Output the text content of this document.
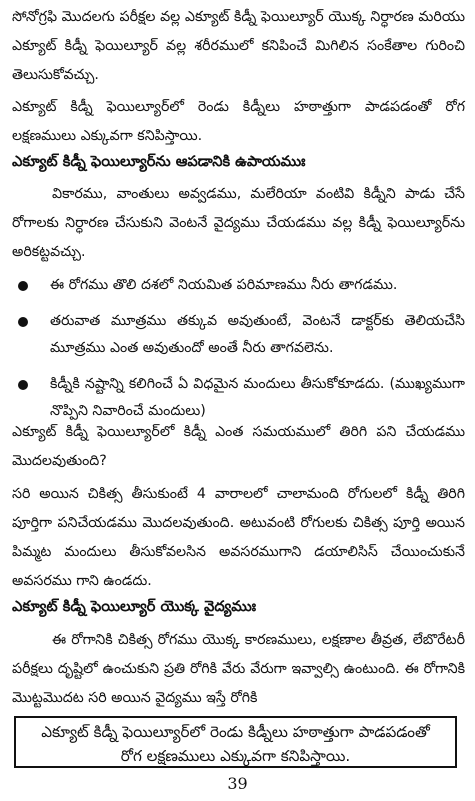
సోనోగ్రఫి మొదలగు పరీక్షల వల్ల ఎక్యూట్ కిడ్నీ ఫెయిల్యూర్ యొక్క నిర్ధారణ మరియు ఎక్యూట్ కిడ్నీ ఫెయిల్యూర్ వల్ల శరీరములో కనిపించే మిగిలిన సంకేతాల గురించి తెలుసుకోవచ్చు.

ఎక్యూట్ కిడ్నీ ఫెయిల్యూర్‌లో రెండు కిడ్నీలు హఠాత్తుగా పాడపడంతో రోగ లక్షణములు ఎక్కువగా కనిపిస్తాయి.

ఎక్యూట్ కిడ్నీ ఫెయిల్యూర్‌ను ఆపడానికి ఉపాయముః

వికారము, వాంతులు అవ్వడము, మలేరియా వంటివి కిడ్నీని పాడు చేసే రోగాలకు నిర్ధారణ చేసుకుని వెంటనే వైద్యము చేయడము వల్ల కిడ్నీ ఫెయిల్యూర్‌ను అరికట్టవచ్చు.

ఈ రోగము తొలి దశలో నియమిత పరిమాణము నీరు తాగడము.
తరువాత మూత్రము తక్కువ అవుతుంటే, వెంటనే డాక్టర్‌కు తెలియచేసి మూత్రము ఎంత అవుతుందో అంతే నీరు తాగవలెను.
కిడ్నీకి నష్టాన్ని కలిగించే ఏ విధమైన మందులు తీసుకోకూడదు. (ముఖ్యముగా నొప్పిని నివారించే మందులు)

ఎక్యూట్ కిడ్నీ ఫెయిల్యూర్‌లో కిడ్నీ ఎంత సమయములో తిరిగి పని చేయడము మొదలవుతుంది?

సరి అయిన చికిత్స తీసుకుంటే 4 వారాలలో చాలామంది రోగులలో కిడ్నీ తిరిగి పూర్తిగా పనిచేయడము మొదలవుతుంది. అటువంటి రోగులకు చికిత్స పూర్తి అయిన పిమ్మట మందులు తీసుకోవలసిన అవసరముగాని డయాలిసిస్ చేయించుకునే అవసరము గాని ఉండదు.

ఎక్యూట్ కిడ్నీ ఫెయిల్యూర్ యొక్క వైద్యముః

ఈ రోగానికి చికిత్స రోగము యొక్క కారణములు, లక్షణాల తీవ్రత, లేబొరేటరీ పరీక్షలు దృష్టిలో ఉంచుకుని ప్రతి రోగికి వేరు వేరుగా ఇవ్వాల్సి ఉంటుంది. ఈ రోగానికి మొట్టమొదట సరి అయిన వైద్యము ఇస్తే రోగికి

ఎక్యూట్ కిడ్నీ ఫెయిల్యూర్‌లో రెండు కిడ్నీలు హఠాత్తుగా పాడపడంతో
రోగ లక్షణములు ఎక్కువగా కనిపిస్తాయి.
39
